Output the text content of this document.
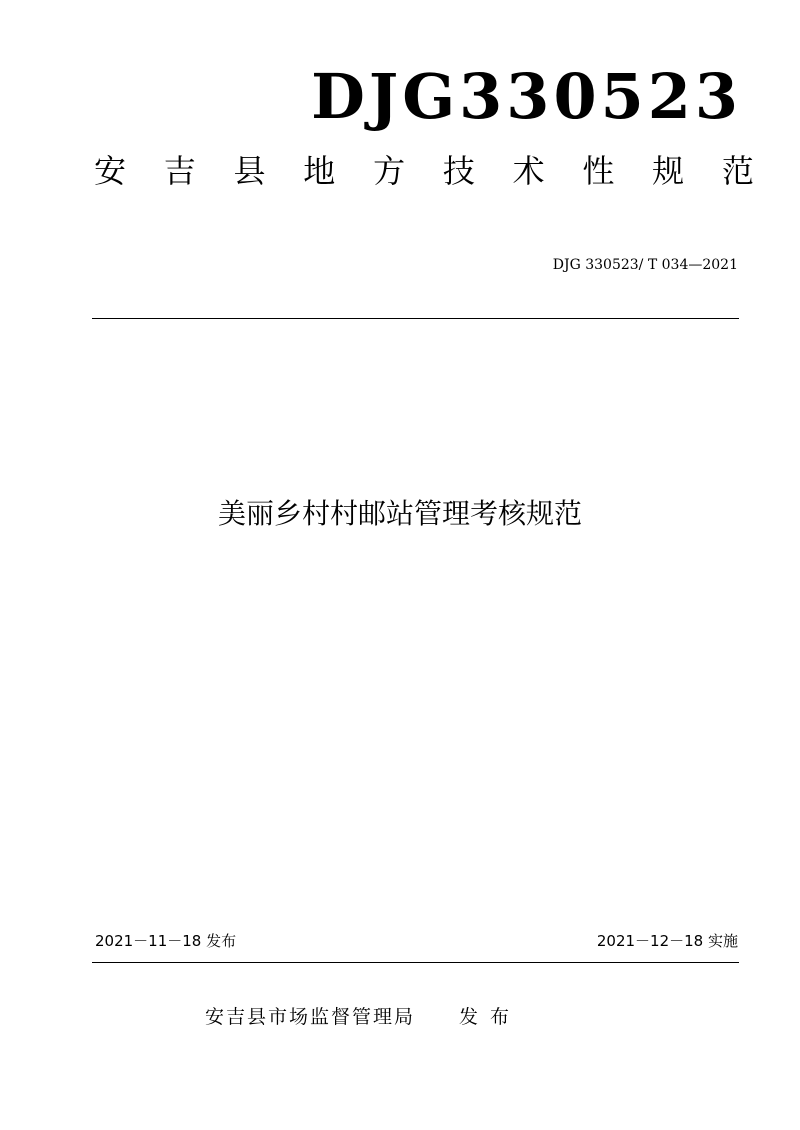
DJG330523
安 吉 县 地 方 技 术 性 规 范
DJG 330523/ T 034—2021
美丽乡村村邮站管理考核规范
2021－11－18 发布	2021－12－18 实施
安吉县市场监督管理局 发布
